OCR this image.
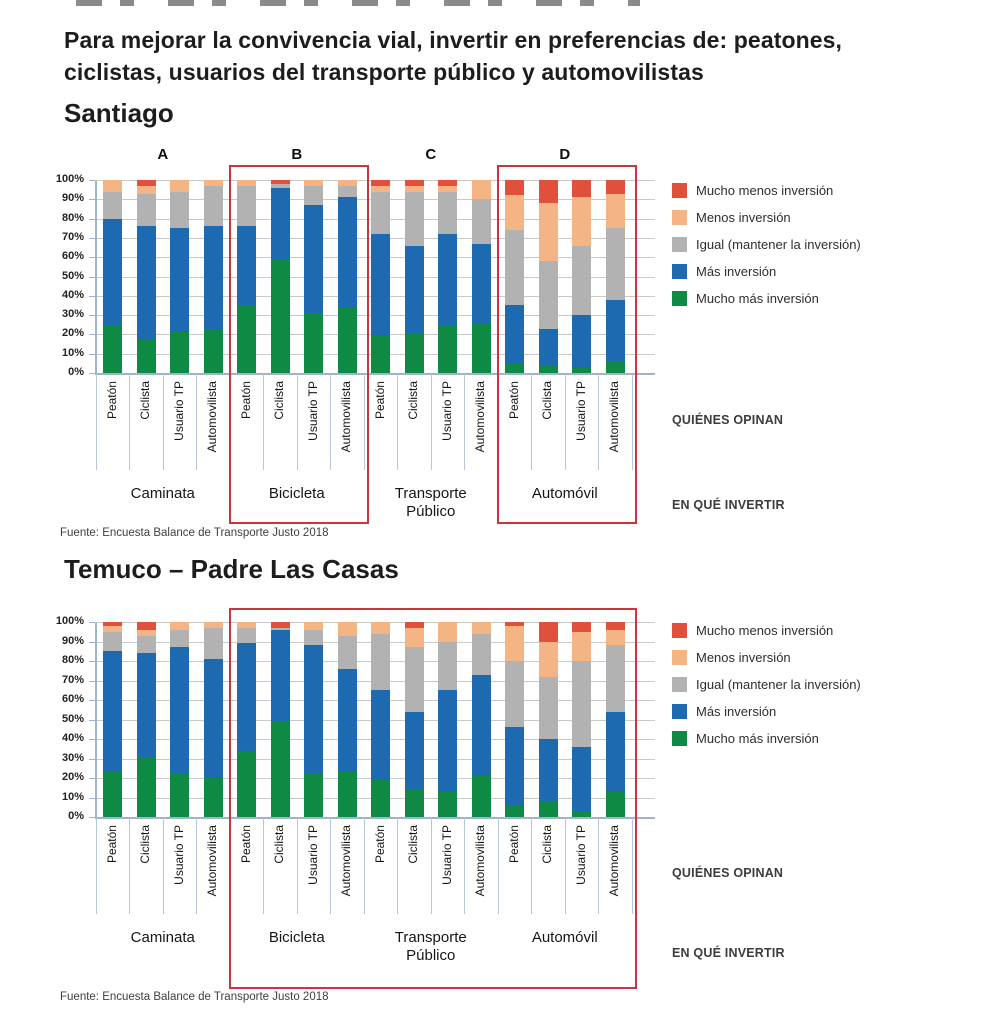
Para mejorar la convivencia vial, invertir en preferencias de: peatones,
ciclistas, usuarios del transporte público y automovilistas
Santiago
Temuco – Padre Las Casas
100%
90%
80%
70%
60%
50%
40%
30%
20%
10%
0%
Peatón Ciclista Usuario TP Automovilista
Caminata
A
Peatón Ciclista Usuario TP Automovilista
Bicicleta
B
Peatón Ciclista Usuario TP Automovilista
Transporte Público
C
Peatón Ciclista Usuario TP Automovilista
Automóvil
D
100%
90%
80%
70%
60%
50%
40%
30%
20%
10%
0%
Peatón Ciclista Usuario TP Automovilista
Caminata
Peatón Ciclista Usuario TP Automovilista
Bicicleta
Peatón Ciclista Usuario TP Automovilista
Transporte Público
Peatón Ciclista Usuario TP Automovilista
Automóvil
Mucho menos inversión
Menos inversión
Igual (mantener la inversión)
Más inversión
Mucho más inversión
Mucho menos inversión
Menos inversión
Igual (mantener la inversión)
Más inversión
Mucho más inversión
QUIÉNES OPINAN
EN QUÉ INVERTIR
QUIÉNES OPINAN
EN QUÉ INVERTIR
Fuente: Encuesta Balance de Transporte Justo 2018
Fuente: Encuesta Balance de Transporte Justo 2018
